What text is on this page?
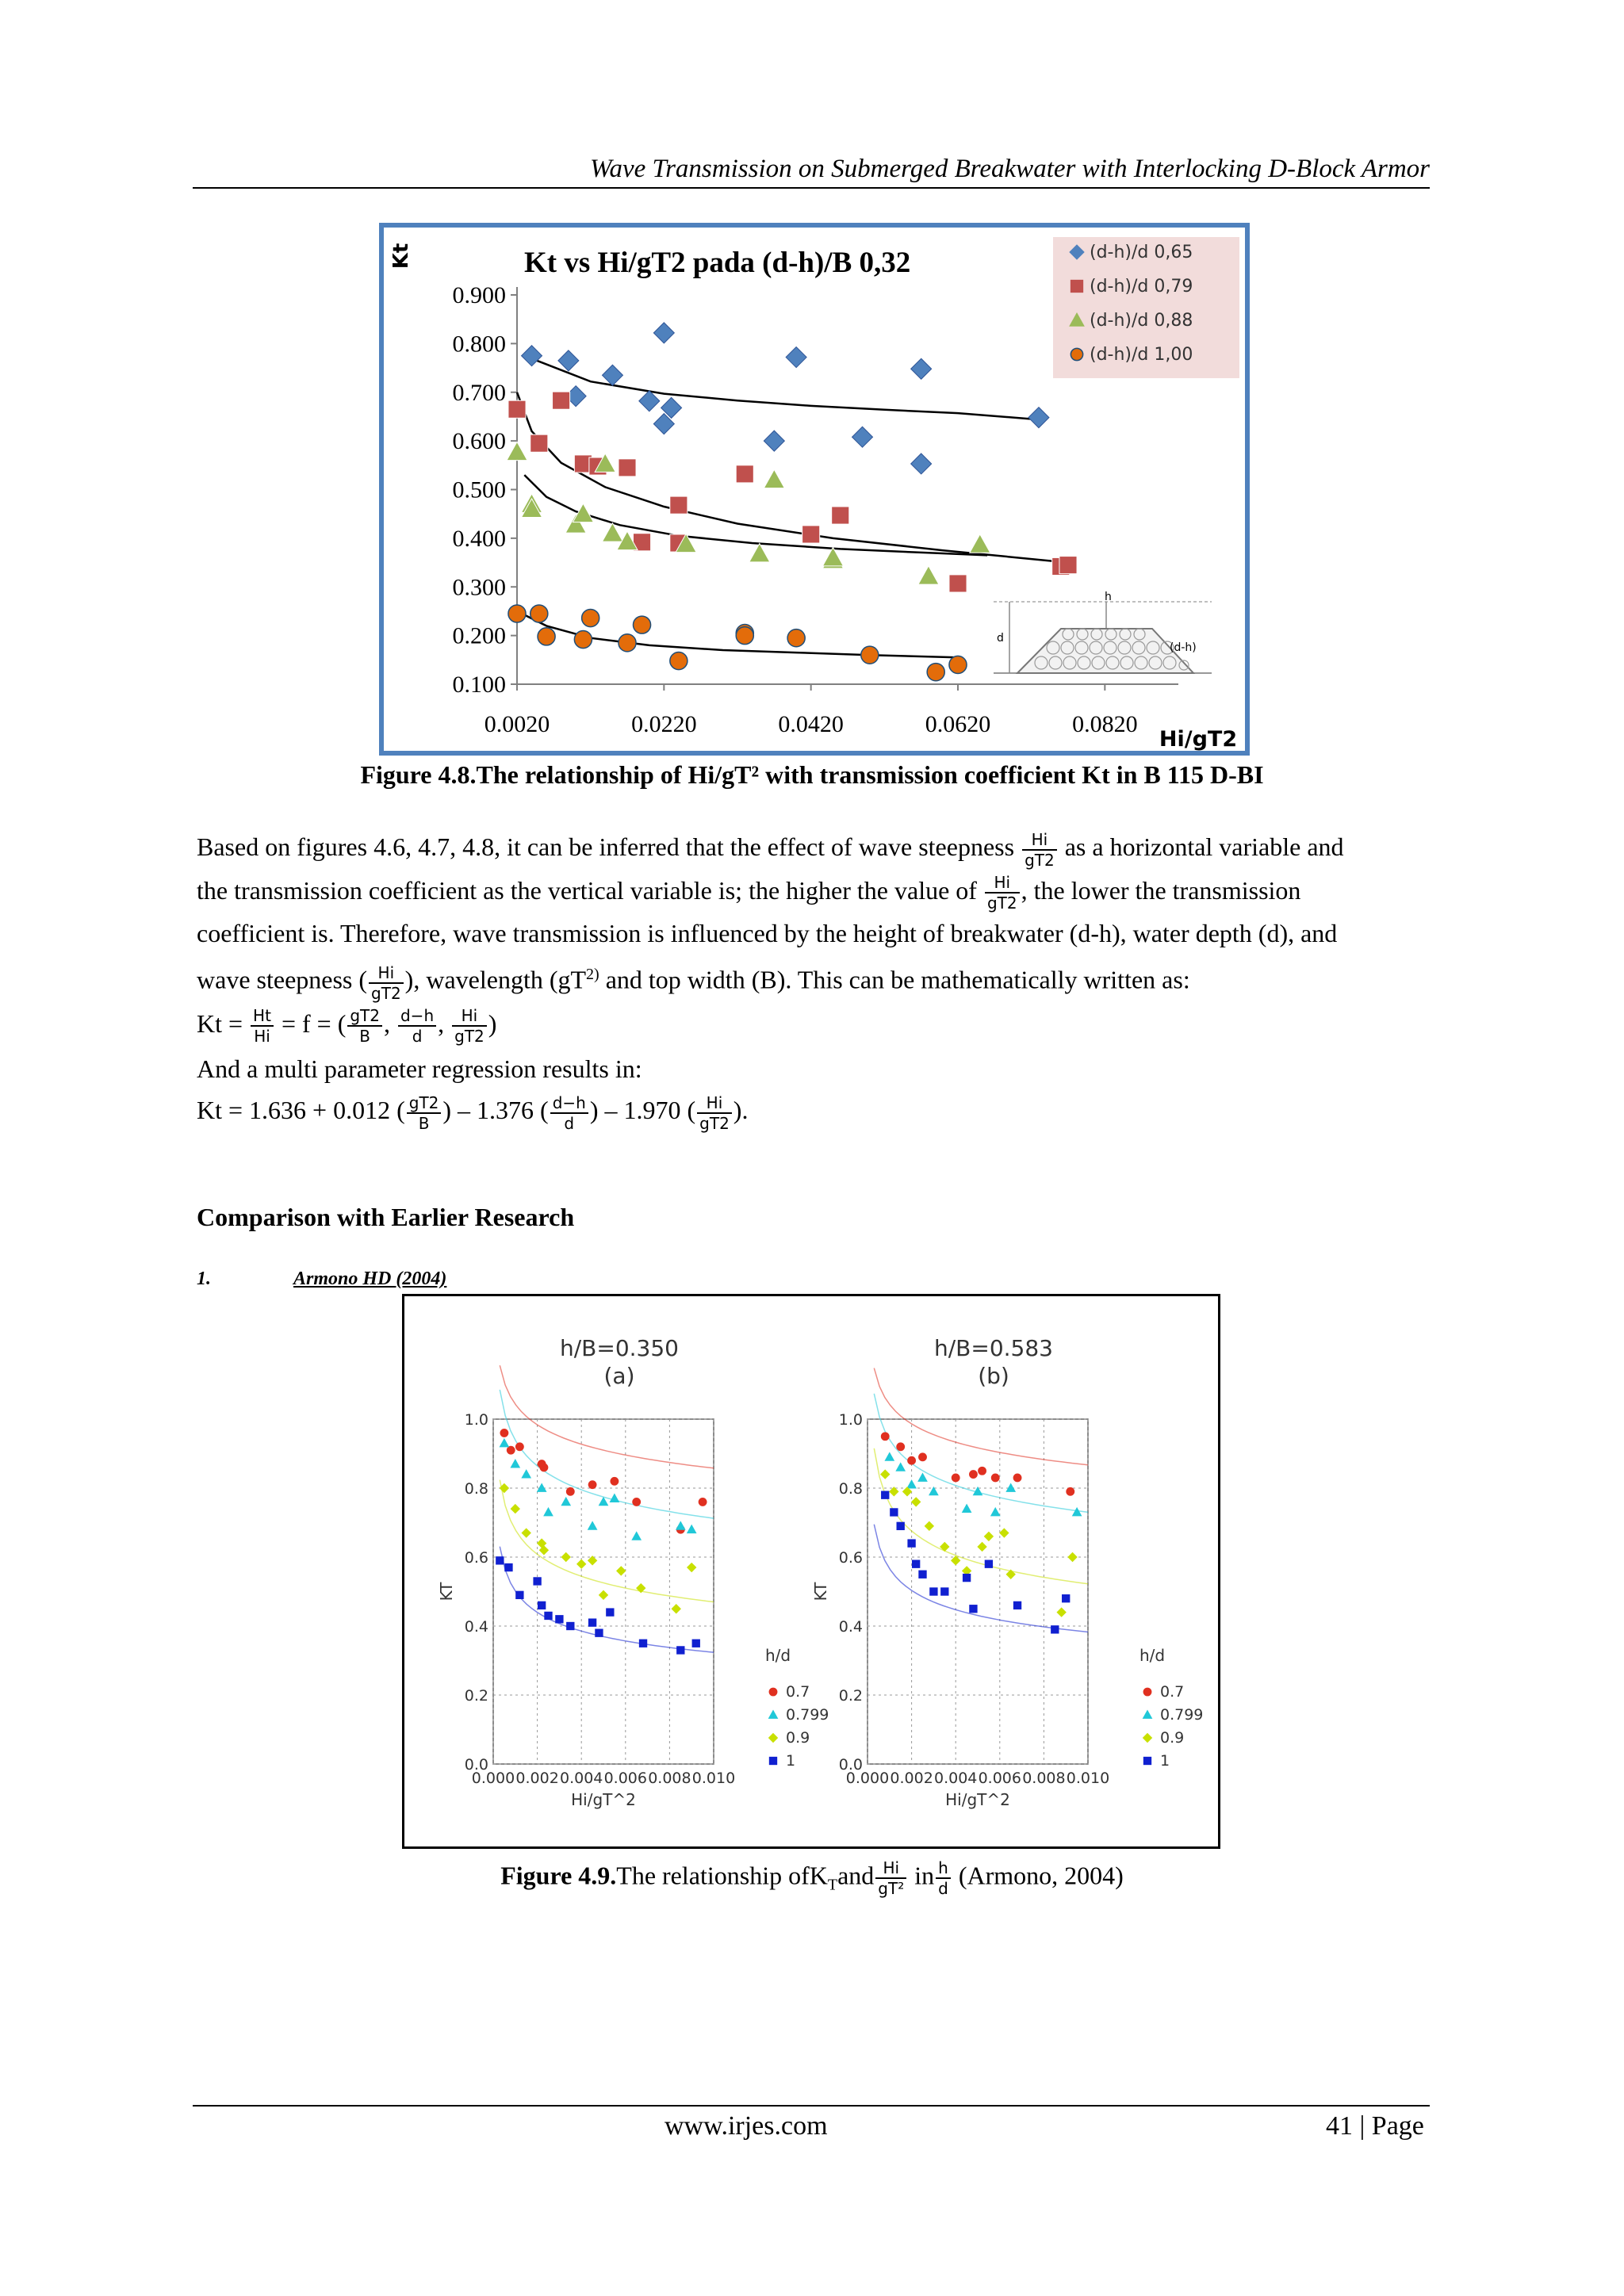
Wave Transmission on Submerged Breakwater with Interlocking D-Block Armor
0.100
0.200
0.300
0.400
0.500
0.600
0.700
0.800
0.900
0.0020	0.0220	0.0420	0.0620	0.0820
h
d
(d-h)
Kt vs Hi/gT2 pada (d-h)/B 0,32
Kt
Hi/gT2
(d-h)/d 0,65
(d-h)/d 0,79
(d-h)/d 0,88
(d-h)/d 1,00
Figure 4.8.The relationship of Hi/gT² with transmission coefficient Kt in B 115 D-BI
Based on figures 4.6, 4.7, 4.8, it can be inferred that the effect of wave steepness $\frac{Hi}{gT2}$ as a horizontal variable and
the transmission coefficient as the vertical variable is; the higher the value of $\frac{Hi}{gT2}$ , the lower the transmission
coefficient is. Therefore, wave transmission is influenced by the height of breakwater (d-h), water depth (d), and
wave steepness ( $\frac{Hi}{gT2}$ ), wavelength ($gT^{2)}$ and top width (B). This can be mathematically written as:
$Kt = \frac{Ht}{Hi} = f$ = ( $\frac{gT2}{B}$ , $\frac{d-h}{d}$ , $\frac{Hi}{gT2}$ )
And a multi parameter regression results in:
Kt = 1.636 + 0.012 ( $\frac{gT2}{B}$ ) – 1.376 ( $\frac{d-h}{d}$ ) – 1.970 ( $\frac{Hi}{gT2}$ ).
Comparison with Earlier Research
1.	Armono HD (2004)
h/B=0.350
(a)
0.000 0.002 0.004 0.006 0.008 0.010
0.0
0.2
0.4
0.6
0.8
1.0
Hi/gT^2
KT
h/d
0.7
0.799
0.9
1
h/B=0.583
(b)
0.000 0.002 0.004 0.006 0.008 0.010
0.0
0.2
0.4
0.6
0.8
1.0
Hi/gT^2
KT
h/d
0.7
0.799
0.9
1
Figure 4.9.The relationship $ofK_Tand \frac{Hi}{\text{gT²}}$ in $\frac{h}{d}$ (Armono, 2004)
www.irjes.com	41 | Page
